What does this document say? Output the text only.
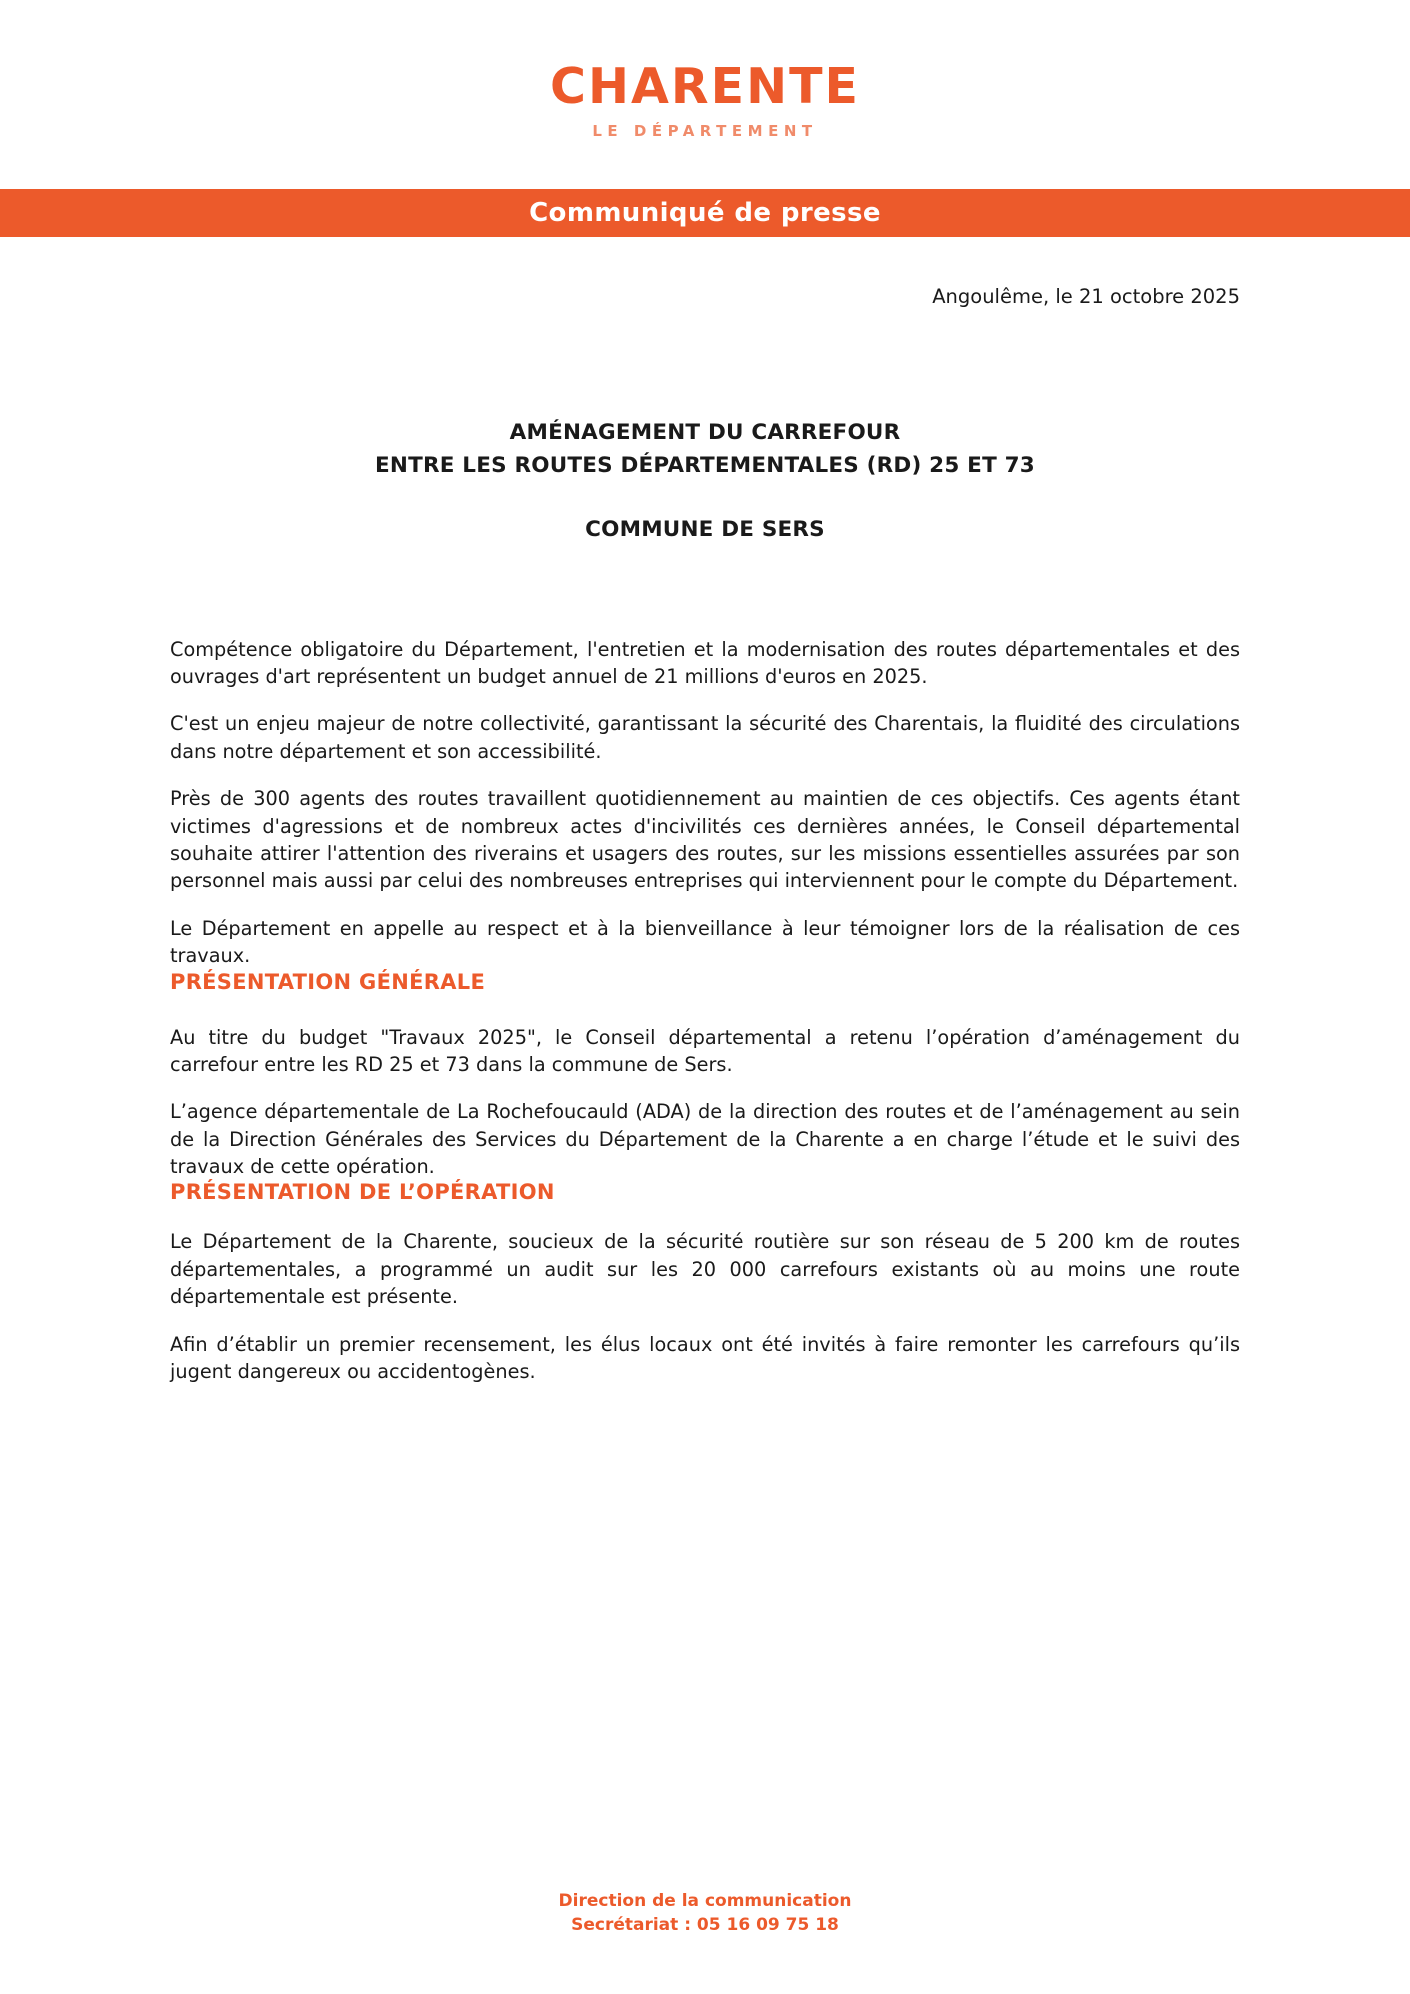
CHARENTE
LE DÉPARTEMENT
Communiqué de presse
Angoulême, le 21 octobre 2025
AMÉNAGEMENT DU CARREFOUR
ENTRE LES ROUTES DÉPARTEMENTALES (RD) 25 ET 73
COMMUNE DE SERS

Compétence obligatoire du Département, l'entretien et la modernisation des routes départementales et des ouvrages d'art représentent un budget annuel de 21 millions d'euros en 2025.

C'est un enjeu majeur de notre collectivité, garantissant la sécurité des Charentais, la fluidité des circulations dans notre département et son accessibilité.

Près de 300 agents des routes travaillent quotidiennement au maintien de ces objectifs. Ces agents étant victimes d'agressions et de nombreux actes d'incivilités ces dernières années, le Conseil départemental souhaite attirer l'attention des riverains et usagers des routes, sur les missions essentielles assurées par son personnel mais aussi par celui des nombreuses entreprises qui interviennent pour le compte du Département.

Le Département en appelle au respect et à la bienveillance à leur témoigner lors de la réalisation de ces travaux.

PRÉSENTATION GÉNÉRALE

Au titre du budget "Travaux 2025", le Conseil départemental a retenu l’opération d’aménagement du carrefour entre les RD 25 et 73 dans la commune de Sers.

L’agence départementale de La Rochefoucauld (ADA) de la direction des routes et de l’aménagement au sein de la Direction Générales des Services du Département de la Charente a en charge l’étude et le suivi des travaux de cette opération.

PRÉSENTATION DE L’OPÉRATION

Le Département de la Charente, soucieux de la sécurité routière sur son réseau de 5 200 km de routes départementales, a programmé un audit sur les 20 000 carrefours existants où au moins une route départementale est présente.

Afin d’établir un premier recensement, les élus locaux ont été invités à faire remonter les carrefours qu’ils jugent dangereux ou accidentogènes.

Direction de la communication
Secrétariat : 05 16 09 75 18
